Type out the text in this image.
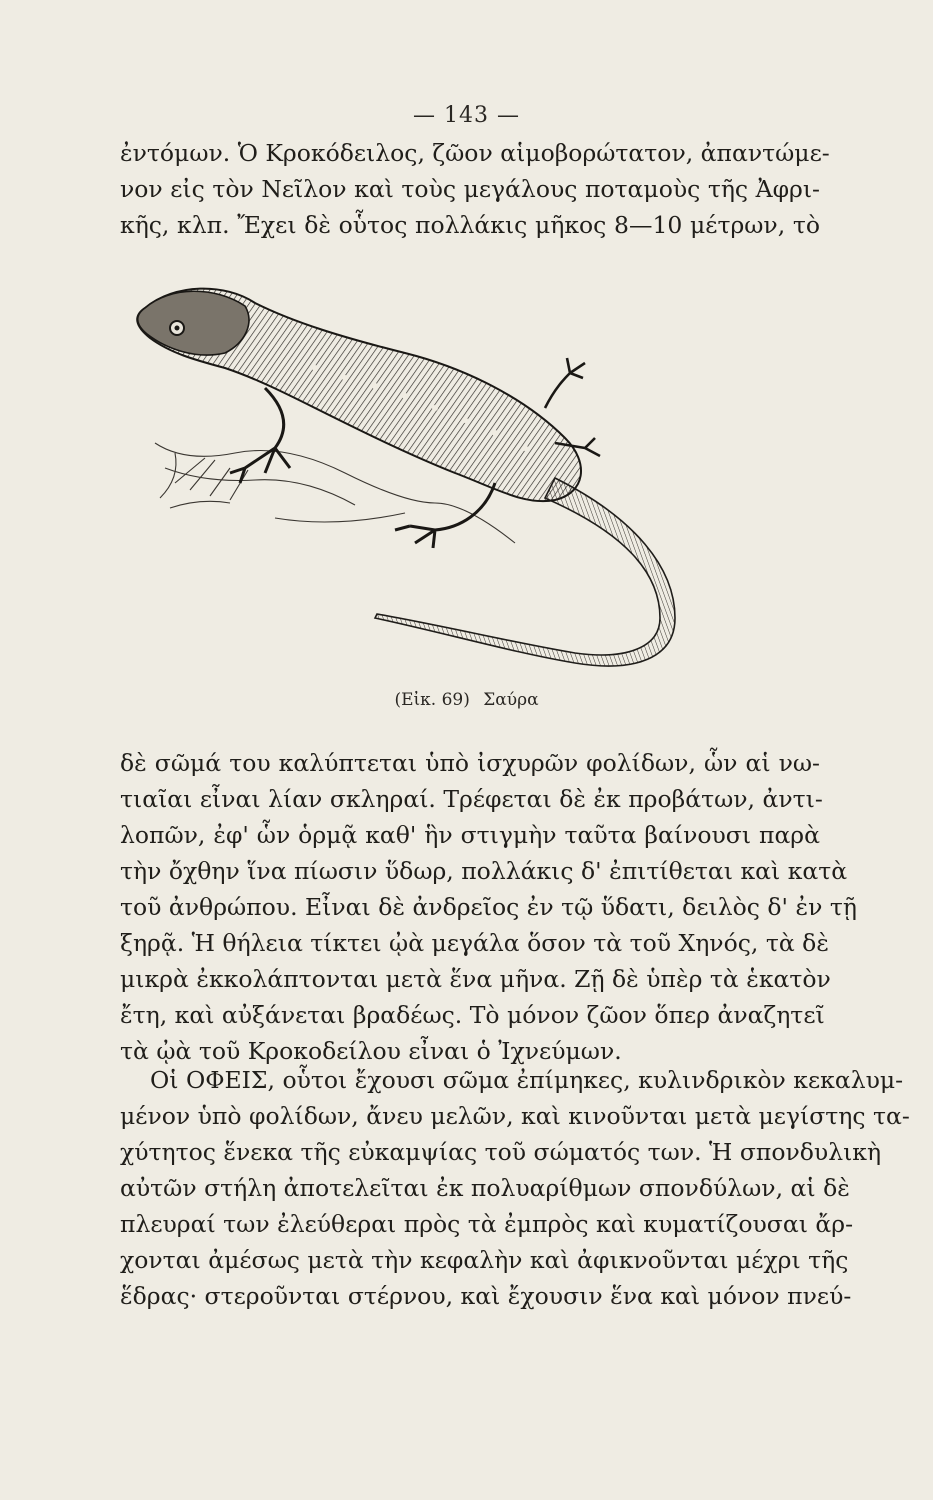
— 143 —
ἐντόμων. Ὁ Κροκόδειλος, ζῶον αἱμοβορώτατον, ἀπαντώμε-
νον εἰς τὸν Νεῖλον καὶ τοὺς μεγάλους ποταμοὺς τῆς Ἀφρι-
κῆς, κλπ. Ἔχει δὲ οὗτος πολλάκις μῆκος 8—10 μέτρων, τὸ
(Εἰκ. 69) Σαύρα
δὲ σῶμά του καλύπτεται ὑπὸ ἰσχυρῶν φολίδων, ὧν αἱ νω-
τιαῖαι εἶναι λίαν σκληραί. Τρέφεται δὲ ἐκ προβάτων, ἀντι-
λοπῶν, ἐφ' ὧν ὁρμᾷ καθ' ἣν στιγμὴν ταῦτα βαίνουσι παρὰ
τὴν ὄχθην ἵνα πίωσιν ὕδωρ, πολλάκις δ' ἐπιτίθεται καὶ κατὰ
τοῦ ἀνθρώπου. Εἶναι δὲ ἀνδρεῖος ἐν τῷ ὕδατι, δειλὸς δ' ἐν τῇ
ξηρᾷ. Ἡ θήλεια τίκτει ᾠὰ μεγάλα ὅσον τὰ τοῦ Χηνός, τὰ δὲ
μικρὰ ἐκκολάπτονται μετὰ ἕνα μῆνα. Ζῇ δὲ ὑπὲρ τὰ ἑκατὸν
ἔτη, καὶ αὐξάνεται βραδέως. Τὸ μόνον ζῶον ὅπερ ἀναζητεῖ
τὰ ᾠὰ τοῦ Κροκοδείλου εἶναι ὁ Ἰχνεύμων.
Οἱ ΟΦΕΙΣ, οὗτοι ἔχουσι σῶμα ἐπίμηκες, κυλινδρικὸν κεκαλυμ-
μένον ὑπὸ φολίδων, ἄνευ μελῶν, καὶ κινοῦνται μετὰ μεγίστης τα-
χύτητος ἕνεκα τῆς εὐκαμψίας τοῦ σώματός των. Ἡ σπονδυλικὴ
αὐτῶν στήλη ἀποτελεῖται ἐκ πολυαρίθμων σπονδύλων, αἱ δὲ
πλευραί των ἐλεύθεραι πρὸς τὰ ἐμπρὸς καὶ κυματίζουσαι ἄρ-
χονται ἀμέσως μετὰ τὴν κεφαλὴν καὶ ἀφικνοῦνται μέχρι τῆς
ἕδρας· στεροῦνται στέρνου, καὶ ἔχουσιν ἕνα καὶ μόνον πνεύ-
